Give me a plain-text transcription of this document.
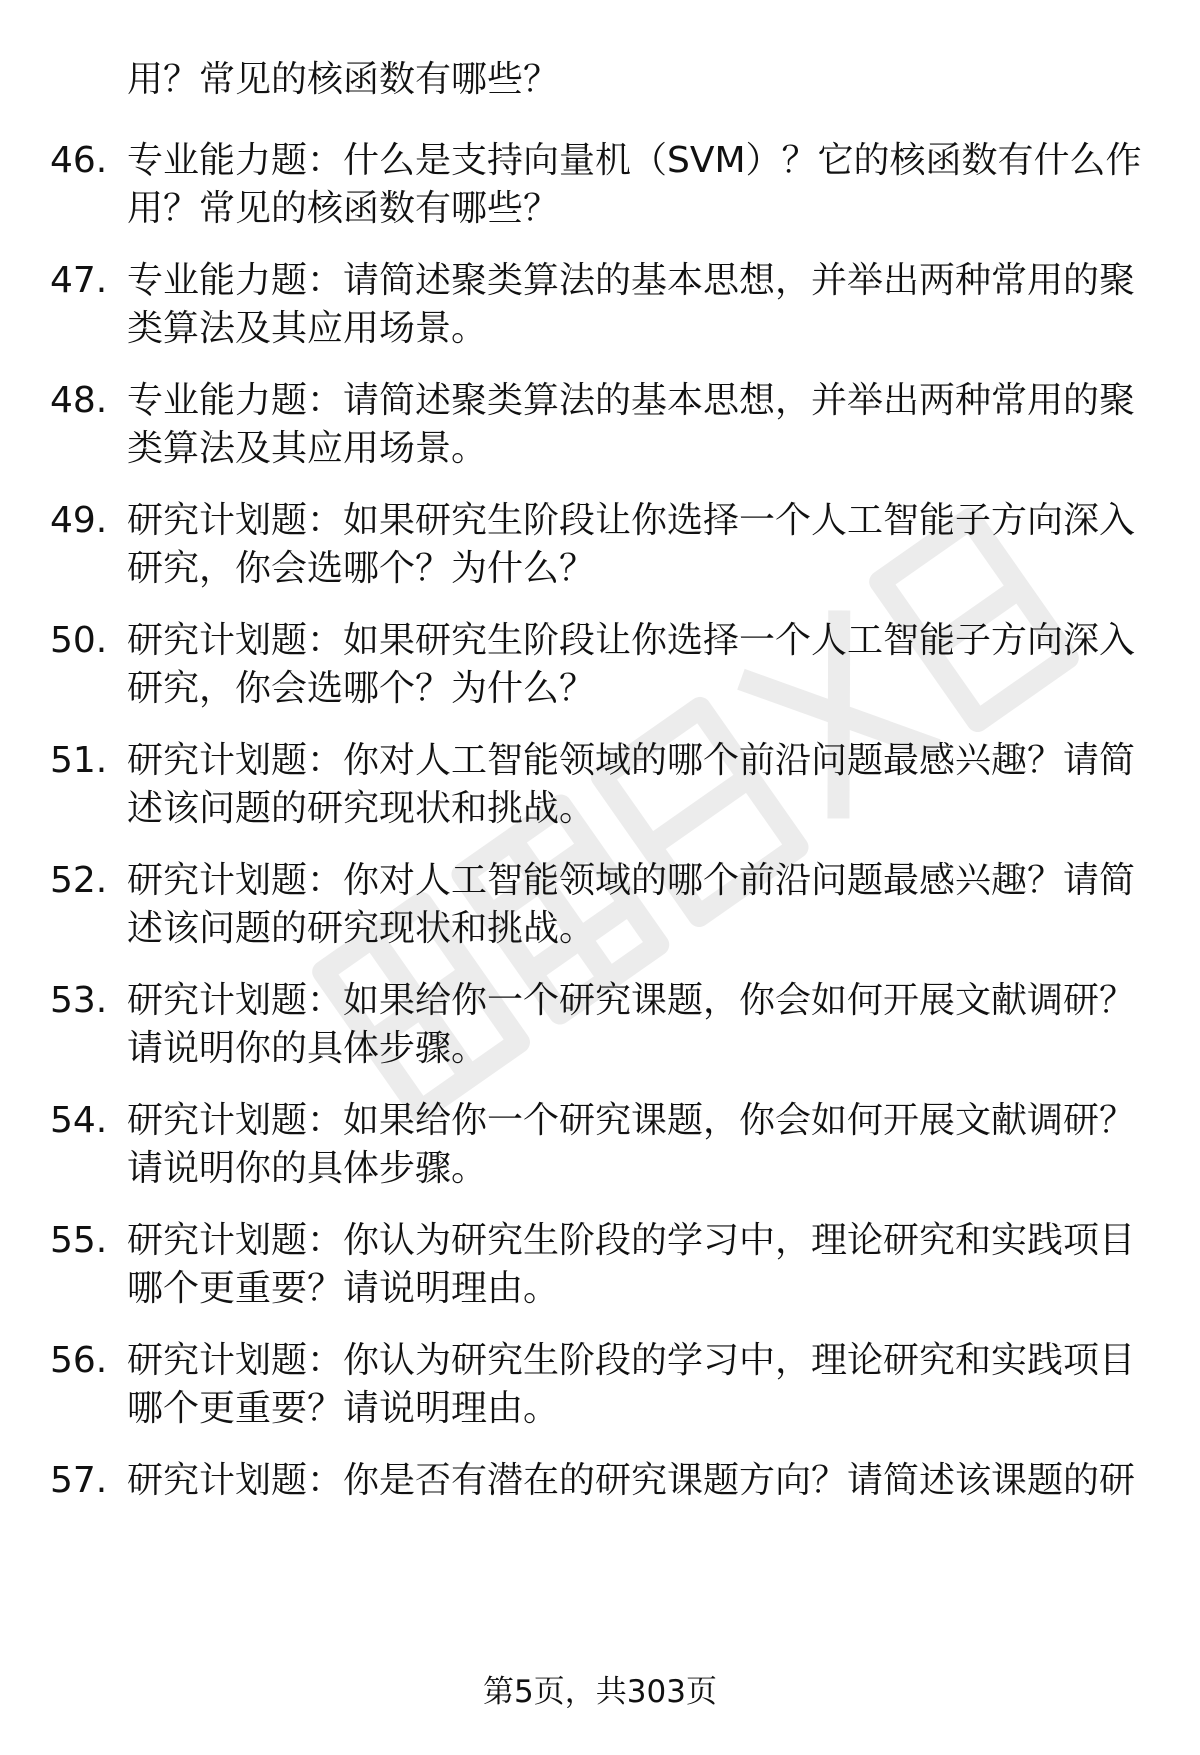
用？常见的核函数有哪些？
46. 专业能力题：什么是支持向量机（SVM）？它的核函数有什么作
用？常见的核函数有哪些？
47. 专业能力题：请简述聚类算法的基本思想，并举出两种常用的聚
类算法及其应用场景。
48. 专业能力题：请简述聚类算法的基本思想，并举出两种常用的聚
类算法及其应用场景。
49. 研究计划题：如果研究生阶段让你选择一个人工智能子方向深入
研究，你会选哪个？为什么？
50. 研究计划题：如果研究生阶段让你选择一个人工智能子方向深入
研究，你会选哪个？为什么？
51. 研究计划题：你对人工智能领域的哪个前沿问题最感兴趣？请简
述该问题的研究现状和挑战。
52. 研究计划题：你对人工智能领域的哪个前沿问题最感兴趣？请简
述该问题的研究现状和挑战。
53. 研究计划题：如果给你一个研究课题，你会如何开展文献调研？
请说明你的具体步骤。
54. 研究计划题：如果给你一个研究课题，你会如何开展文献调研？
请说明你的具体步骤。
55. 研究计划题：你认为研究生阶段的学习中，理论研究和实践项目
哪个更重要？请说明理由。
56. 研究计划题：你认为研究生阶段的学习中，理论研究和实践项目
哪个更重要？请说明理由。
57. 研究计划题：你是否有潜在的研究课题方向？请简述该课题的研
第5页，共303页
